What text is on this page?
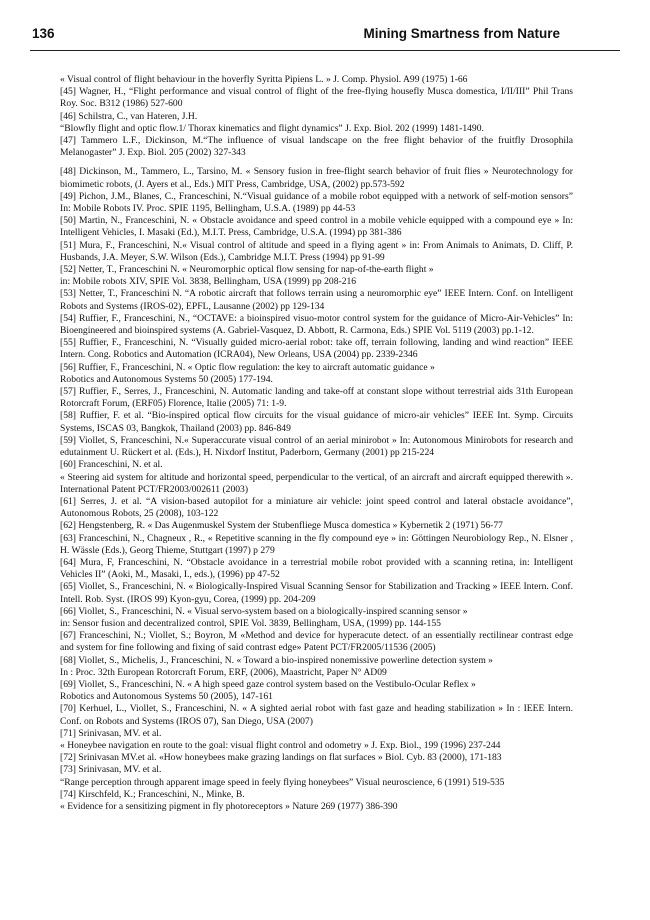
136	Mining Smartness from Nature

« Visual control of flight behaviour in the hoverfly Syritta Pipiens L. » J. Comp. Physiol. A99 (1975) 1-66

[45] Wagner, H., “Flight performance and visual control of flight of the free-flying housefly Musca domestica, I/II/III” Phil Trans Roy. Soc. B312 (1986) 527-600

[46] Schilstra, C., van Hateren, J.H.

“Blowfly flight and optic flow.1/ Thorax kinematics and flight dynamics” J. Exp. Biol. 202 (1999) 1481-1490.

[47] Tammero L.F., Dickinson, M.“The influence of visual landscape on the free flight behavior of the fruitfly Drosophila Melanogaster” J. Exp. Biol. 205 (2002) 327-343

[48] Dickinson, M., Tammero, L., Tarsino, M. « Sensory fusion in free-flight search behavior of fruit flies » Neurotechnology for biomimetic robots, (J. Ayers et al., Eds.) MIT Press, Cambridge, USA, (2002) pp.573-592

[49] Pichon, J.M., Blanes, C., Franceschini, N.“Visual guidance of a mobile robot equipped with a network of self-motion sensors” In: Mobile Robots IV. Proc. SPIE 1195, Bellingham, U.S.A. (1989) pp 44-53

[50] Martin, N., Franceschini, N. « Obstacle avoidance and speed control in a mobile vehicle equipped with a compound eye » In: Intelligent Vehicles, I. Masaki (Ed.), M.I.T. Press, Cambridge, U.S.A. (1994) pp 381-386

[51] Mura, F., Franceschini, N.« Visual control of altitude and speed in a flying agent » in: From Animals to Animats, D. Cliff, P. Husbands, J.A. Meyer, S.W. Wilson (Eds.), Cambridge M.I.T. Press (1994) pp 91-99

[52] Netter, T., Franceschini N. « Neuromorphic optical flow sensing for nap-of-the-earth flight »

in: Mobile robots XIV, SPIE Vol. 3838, Bellingham, USA (1999) pp 208-216

[53] Netter, T., Franceschini N. “A robotic aircraft that follows terrain using a neuromorphic eye” IEEE Intern. Conf. on Intelligent Robots and Systems (IROS-02), EPFL, Lausanne (2002) pp 129-134

[54] Ruffier, F., Franceschini, N., “OCTAVE: a bioinspired visuo-motor control system for the guidance of Micro-Air-Vehicles” In: Bioengineered and bioinspired systems (A. Gabriel-Vasquez, D. Abbott, R. Carmona, Eds.) SPIE Vol. 5119 (2003) pp.1-12.

[55] Ruffier, F., Franceschini, N. “Visually guided micro-aerial robot: take off, terrain following, landing and wind reaction” IEEE Intern. Cong. Robotics and Automation (ICRA04), New Orleans, USA (2004) pp. 2339-2346

[56] Ruffier, F., Franceschini, N. « Optic flow regulation: the key to aircraft automatic guidance »

Robotics and Autonomous Systems 50 (2005) 177-194.

[57] Ruffier, F., Serres, J., Franceschini, N. Automatic landing and take-off at constant slope without terrestrial aids 31th European Rotorcraft Forum, (ERF05) Florence, Italie (2005) 71: 1-9.

[58] Ruffier, F. et al. “Bio-inspired optical flow circuits for the visual guidance of micro-air vehicles” IEEE Int. Symp. Circuits Systems, ISCAS 03, Bangkok, Thailand (2003) pp. 846-849

[59] Viollet, S, Franceschini, N.« Superaccurate visual control of an aerial minirobot » In: Autonomous Minirobots for research and edutainment U. Rückert et al. (Eds.), H. Nixdorf Institut, Paderborn, Germany (2001) pp 215-224

[60] Franceschini, N. et al.

« Steering aid system for altitude and horizontal speed, perpendicular to the vertical, of an aircraft and aircraft equipped therewith ». International Patent PCT/FR2003/002611 (2003)

[61] Serres, J. et al. “A vision-based autopilot for a miniature air vehicle: joint speed control and lateral obstacle avoidance”, Autonomous Robots, 25 (2008), 103-122

[62] Hengstenberg, R. « Das Augenmuskel System der Stubenfliege Musca domestica » Kybernetik 2 (1971) 56-77

[63] Franceschini, N., Chagneux , R., « Repetitive scanning in the fly compound eye » in: Göttingen Neurobiology Rep., N. Elsner , H. Wässle (Eds.), Georg Thieme, Stuttgart (1997) p 279

[64] Mura, F, Franceschini, N. “Obstacle avoidance in a terrestrial mobile robot provided with a scanning retina, in: Intelligent Vehicles II” (Aoki, M., Masaki, I., eds.), (1996) pp 47-52

[65] Viollet, S., Franceschini, N. « Biologically-Inspired Visual Scanning Sensor for Stabilization and Tracking » IEEE Intern. Conf. Intell. Rob. Syst. (IROS 99) Kyon-gyu, Corea, (1999) pp. 204-209

[66] Viollet, S., Franceschini, N. « Visual servo-system based on a biologically-inspired scanning sensor »

in: Sensor fusion and decentralized control, SPIE Vol. 3839, Bellingham, USA, (1999) pp. 144-155

[67] Franceschini, N.; Viollet, S.; Boyron, M «Method and device for hyperacute detect. of an essentially rectilinear contrast edge and system for fine following and fixing of said contrast edge» Patent PCT/FR2005/11536 (2005)

[68] Viollet, S., Michelis, J., Franceschini, N. « Toward a bio-inspired nonemissive powerline detection system »

In : Proc. 32th European Rotorcraft Forum, ERF, (2006), Maastricht, Paper N° AD09

[69] Viollet, S., Franceschini, N. « A high speed gaze control system based on the Vestibulo-Ocular Reflex »

Robotics and Autonomous Systems 50 (2005), 147-161

[70] Kerhuel, L., Viollet, S., Franceschini, N. « A sighted aerial robot with fast gaze and heading stabilization » In : IEEE Intern. Conf. on Robots and Systems (IROS 07), San Diego, USA (2007)

[71] Srinivasan, MV. et al.

« Honeybee navigation en route to the goal: visual flight control and odometry » J. Exp. Biol., 199 (1996) 237-244

[72] Srinivasan MV.et al. «How honeybees make grazing landings on flat surfaces » Biol. Cyb. 83 (2000), 171-183

[73] Srinivasan, MV. et al.

“Range perception through apparent image speed in feely flying honeybees” Visual neuroscience, 6 (1991) 519-535

[74] Kirschfeld, K.; Franceschini, N., Minke, B.

« Evidence for a sensitizing pigment in fly photoreceptors » Nature 269 (1977) 386-390
